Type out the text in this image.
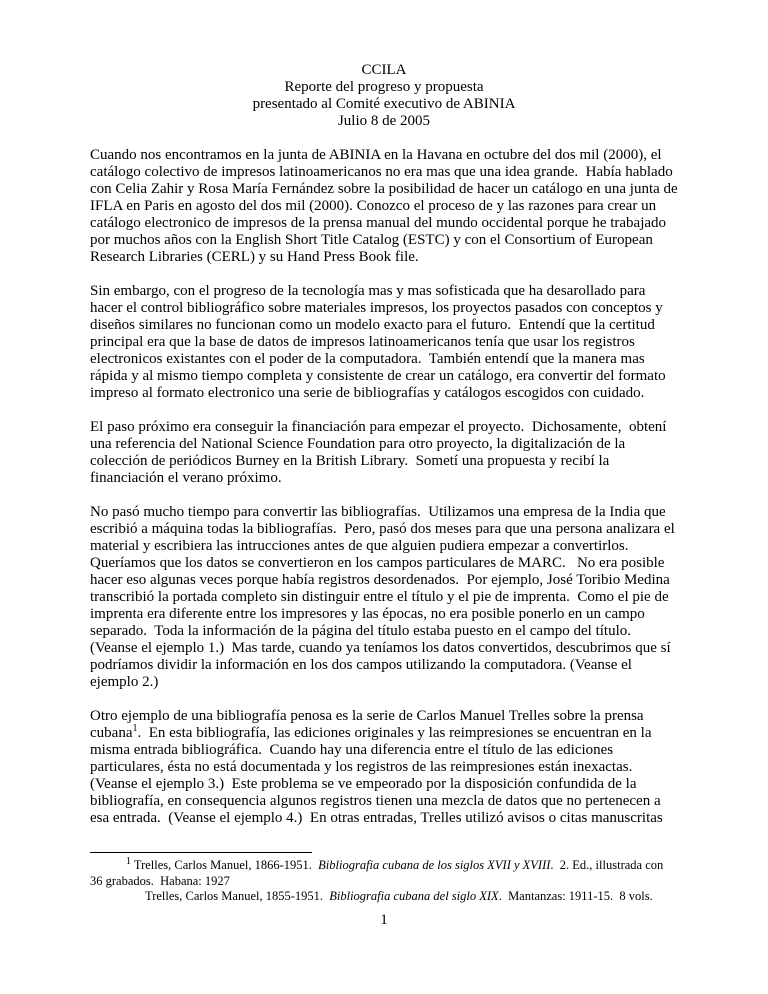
CCILA
Reporte del progreso y propuesta
presentado al Comité executivo de ABINIA
Julio 8 de 2005

Cuando nos encontramos en la junta de ABINIA en la Havana en octubre del dos mil (2000), el catálogo colectivo de impresos latinoamericanos no era mas que una idea grande.  Había hablado con Celia Zahir y Rosa María Fernández sobre la posibilidad de hacer un catálogo en una junta de IFLA en Paris en agosto del dos mil (2000). Conozco el proceso de y las razones para crear un catálogo electronico de impresos de la prensa manual del mundo occidental porque he trabajado por muchos años con la English Short Title Catalog (ESTC) y con el Consortium of European Research Libraries (CERL) y su Hand Press Book file.

Sin embargo, con el progreso de la tecnología mas y mas sofisticada que ha desarollado para hacer el control bibliográfico sobre materiales impresos, los proyectos pasados con conceptos y diseños similares no funcionan como un modelo exacto para el futuro.  Entendí que la certitud principal era que la base de datos de impresos latinoamericanos tenía que usar los registros electronicos existantes con el poder de la computadora.  También entendí que la manera mas rápida y al mismo tiempo completa y consistente de crear un catálogo, era convertir del formato impreso al formato electronico una serie de bibliografías y catálogos escogidos con cuidado.

El paso próximo era conseguir la financiación para empezar el proyecto.  Dichosamente,  obtení una referencia del National Science Foundation para otro proyecto, la digitalización de la colección de periódicos Burney en la British Library.  Sometí una propuesta y recibí la financiación el verano próximo.

No pasó mucho tiempo para convertir las bibliografías.  Utilizamos una empresa de la India que escribió a máquina todas la bibliografías.  Pero, pasó dos meses para que una persona analizara el material y escribiera las intrucciones antes de que alguien pudiera empezar a convertirlos.  Queríamos que los datos se convertieron en los campos particulares de MARC.   No era posible hacer eso algunas veces porque había registros desordenados.  Por ejemplo, José Toribio Medina transcribió la portada completo sin distinguir entre el título y el pie de imprenta.  Como el pie de imprenta era diferente entre los impresores y las épocas, no era posible ponerlo en un campo separado.  Toda la información de la página del título estaba puesto en el campo del título. (Veanse el ejemplo 1.)  Mas tarde, cuando ya teníamos los datos convertidos, descubrimos que sí podríamos dividir la información en los dos campos utilizando la computadora. (Veanse el ejemplo 2.)

Otro ejemplo de una bibliografía penosa es la serie de Carlos Manuel Trelles sobre la prensa cubana$^1$.  En esta bibliografía, las ediciones originales y las reimpresiones se encuentran en la misma entrada bibliográfica.  Cuando hay una diferencia entre el título de las ediciones particulares, ésta no está documentada y los registros de las reimpresiones están inexactas. (Veanse el ejemplo 3.)  Este problema se ve empeorado por la disposición confundida de la bibliografía, en consequencia algunos registros tienen una mezcla de datos que no pertenecen a esa entrada.  (Veanse el ejemplo 4.)  En otras entradas, Trelles utilizó avisos o citas manuscritas

$^1$ Trelles, Carlos Manuel, 1866-1951.  Bibliografia cubana de los siglos XVII y XVIII.  2. Ed., illustrada con 36 grabados.  Habana: 1927

Trelles, Carlos Manuel, 1855-1951.  Bibliografia cubana del siglo XIX.  Mantanzas: 1911-15.  8 vols.

1
